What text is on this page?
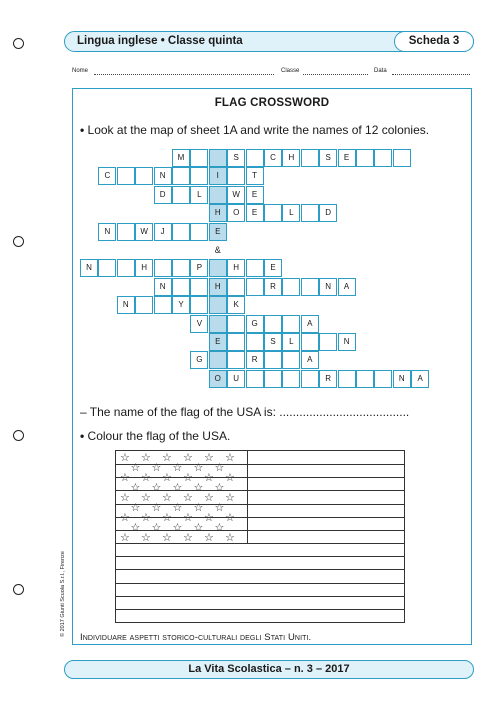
Lingua inglese • Classe quinta	Scheda 3
Nome	Classe	Data
FLAG CROSSWORD
• Look at the map of sheet 1A and write the names of 12 colonies.
M	S	C	H	S	E
C	N	I	T
D	L	W	E
H	O	E	L	D
N	W	J	E
N	H	P	H	E
N	H	R	N	A
N	Y	K
V	G	A
E	S	L	N
G	R	A
O	U	R	N	A
&
– The name of the flag of the USA is: .......................................
• Colour the flag of the USA.
☆ ☆ ☆ ☆ ☆ ☆
☆ ☆ ☆ ☆ ☆
☆ ☆ ☆ ☆ ☆ ☆
☆ ☆ ☆ ☆ ☆
☆ ☆ ☆ ☆ ☆ ☆
☆ ☆ ☆ ☆ ☆
☆ ☆ ☆ ☆ ☆ ☆
☆ ☆ ☆ ☆ ☆
☆ ☆ ☆ ☆ ☆ ☆
Individuare aspetti storico-culturali degli Stati Uniti.
© 2017 Giunti Scuola S.r.l., Firenze
La Vita Scolastica – n. 3 – 2017
